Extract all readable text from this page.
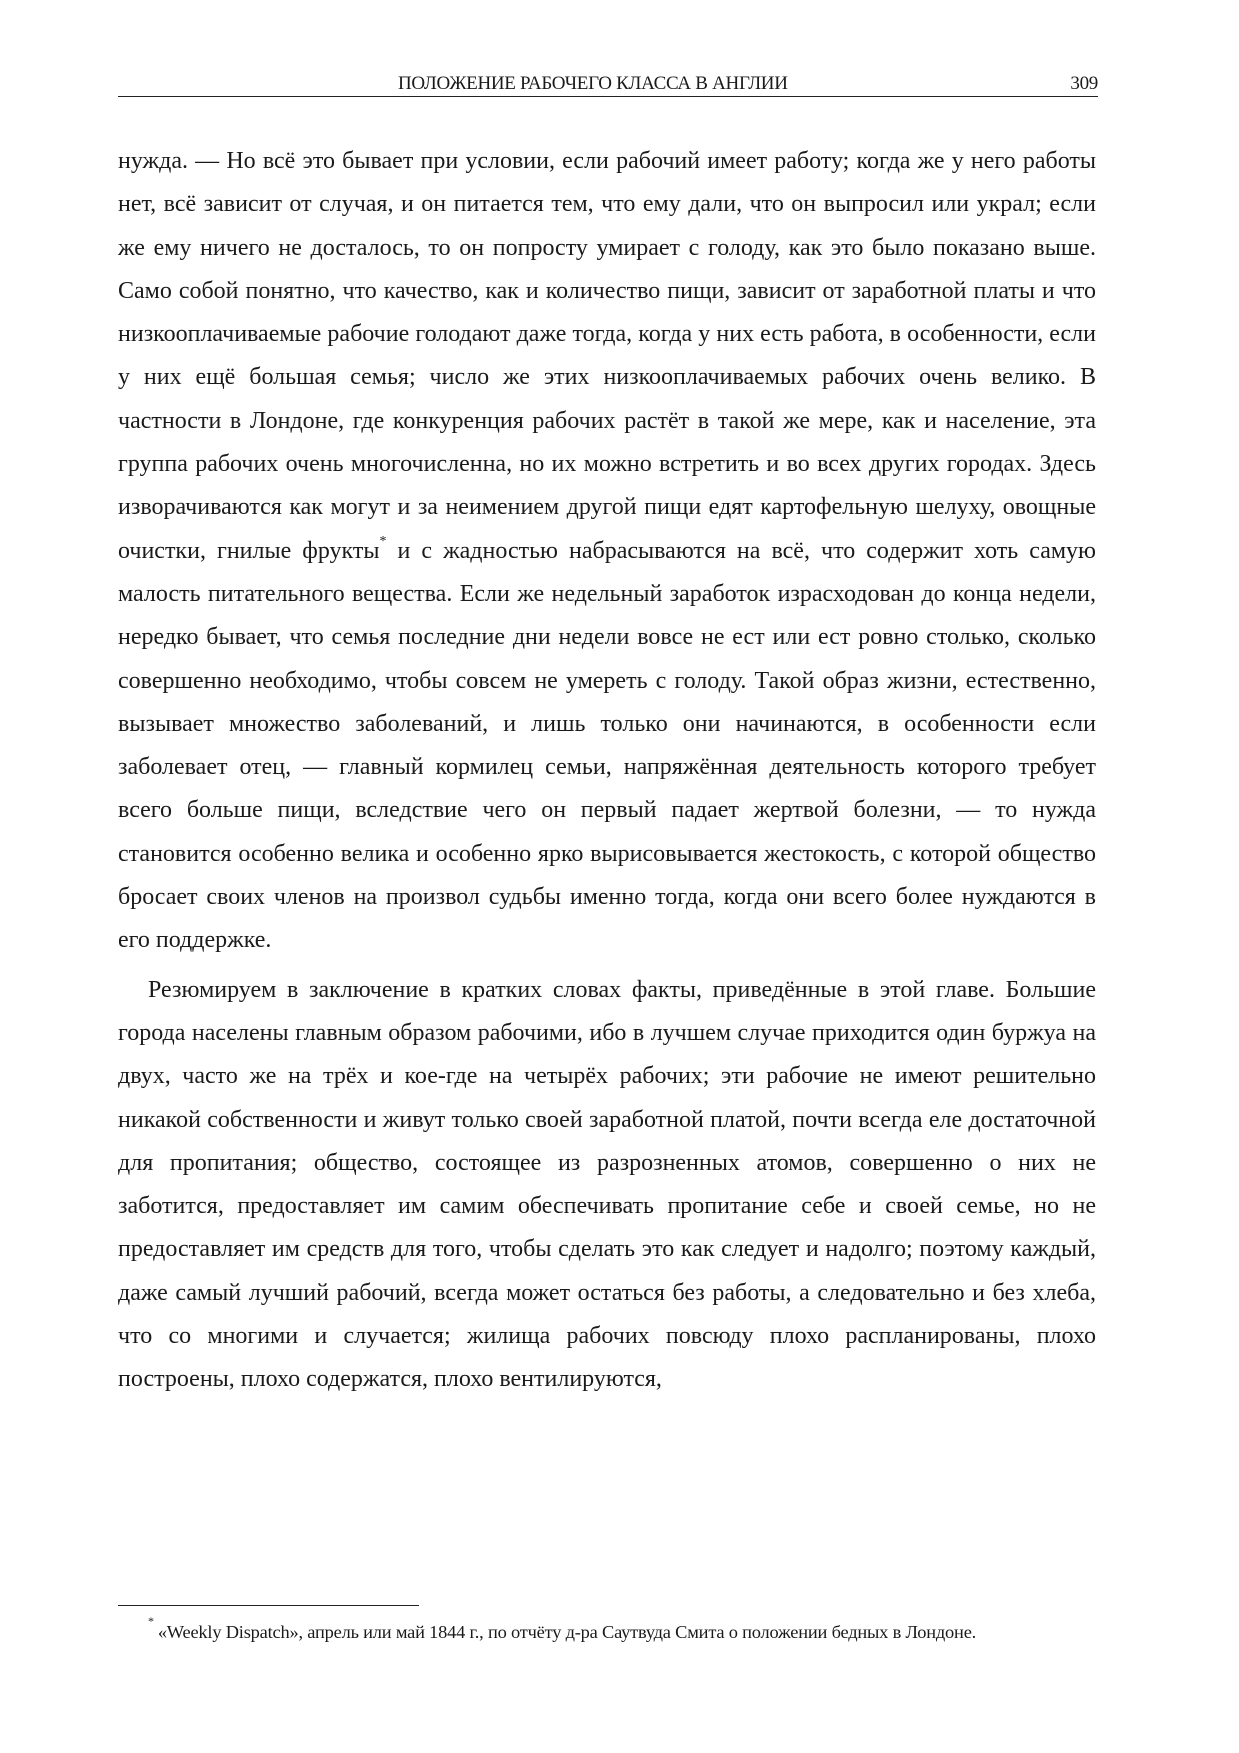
ПОЛОЖЕНИЕ РАБОЧЕГО КЛАССА В АНГЛИИ	309

нужда. — Но всё это бывает при условии, если рабочий имеет работу; когда же у него работы нет, всё зависит от случая, и он питается тем, что ему дали, что он выпросил или украл; если же ему ничего не досталось, то он попросту умирает с голоду, как это было показано выше. Само собой понятно, что качество, как и количество пищи, зависит от заработной платы и что низкооплачиваемые рабочие голодают даже тогда, когда у них есть работа, в особенности, если у них ещё большая семья; число же этих низкооплачиваемых рабочих очень велико. В частности в Лондоне, где конкуренция рабочих растёт в такой же мере, как и население, эта группа рабочих очень многочисленна, но их можно встретить и во всех других городах. Здесь изворачиваются как могут и за неимением другой пищи едят картофельную шелуху, овощные очистки, гнилые фрукты* и с жадностью набрасываются на всё, что содержит хоть самую малость питательного вещества. Если же недельный заработок израсходован до конца недели, нередко бывает, что семья последние дни недели вовсе не ест или ест ровно столько, сколько совершенно необходимо, чтобы совсем не умереть с голоду. Такой образ жизни, естественно, вызывает множество заболеваний, и лишь только они начинаются, в особенности если заболевает отец, — главный кормилец семьи, напряжённая деятельность которого требует всего больше пищи, вследствие чего он первый падает жертвой болезни, — то нужда становится особенно велика и особенно ярко вырисовывается жестокость, с которой общество бросает своих членов на произвол судьбы именно тогда, когда они всего более нуждаются в его поддержке.

Резюмируем в заключение в кратких словах факты, приведённые в этой главе. Большие города населены главным образом рабочими, ибо в лучшем случае приходится один буржуа на двух, часто же на трёх и кое-где на четырёх рабочих; эти рабочие не имеют решительно никакой собственности и живут только своей заработной платой, почти всегда еле достаточной для пропитания; общество, состоящее из разрозненных атомов, совершенно о них не заботится, предоставляет им самим обеспечивать пропитание себе и своей семье, но не предоставляет им средств для того, чтобы сделать это как следует и надолго; поэтому каждый, даже самый лучший рабочий, всегда может остаться без работы, а следовательно и без хлеба, что со многими и случается; жилища рабочих повсюду плохо распланированы, плохо построены, плохо содержатся, плохо вентилируются,

*«Weekly Dispatch», апрель или май 1844 г., по отчёту д-ра Саутвуда Смита о положении бедных в Лондоне.
